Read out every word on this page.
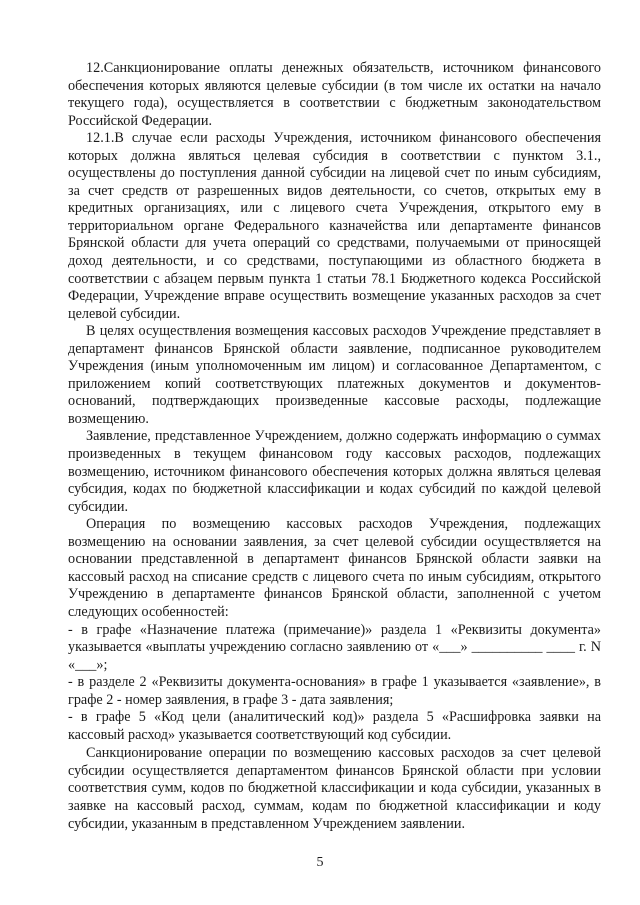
12.Санкционирование оплаты денежных обязательств, источником финансового обеспечения которых являются целевые субсидии (в том числе их остатки на начало текущего года), осуществляется в соответствии с бюджетным законодательством Российской Федерации.

12.1.В случае если расходы Учреждения, источником финансового обеспечения которых должна являться целевая субсидия в соответствии с пунктом 3.1., осуществлены до поступления данной субсидии на лицевой счет по иным субсидиям, за счет средств от разрешенных видов деятельности, со счетов, открытых ему в кредитных организациях, или с лицевого счета Учреждения, открытого ему в территориальном органе Федерального казначейства или департаменте финансов Брянской области для учета операций со средствами, получаемыми от приносящей доход деятельности, и со средствами, поступающими из областного бюджета в соответствии с абзацем первым пункта 1 статьи 78.1 Бюджетного кодекса Российской Федерации, Учреждение вправе осуществить возмещение указанных расходов за счет целевой субсидии.

В целях осуществления возмещения кассовых расходов Учреждение представляет в департамент финансов Брянской области заявление, подписанное руководителем Учреждения (иным уполномоченным им лицом) и согласованное Департаментом, с приложением копий соответствующих платежных документов и документов-оснований, подтверждающих произведенные кассовые расходы, подлежащие возмещению.

Заявление, представленное Учреждением, должно содержать информацию о суммах произведенных в текущем финансовом году кассовых расходов, подлежащих возмещению, источником финансового обеспечения которых должна являться целевая субсидия, кодах по бюджетной классификации и кодах субсидий по каждой целевой субсидии.

Операция по возмещению кассовых расходов Учреждения, подлежащих возмещению на основании заявления, за счет целевой субсидии осуществляется на основании представленной в департамент финансов Брянской области заявки на кассовый расход на списание средств с лицевого счета по иным субсидиям, открытого Учреждению в департаменте финансов Брянской области, заполненной с учетом следующих особенностей:

- в графе «Назначение платежа (примечание)» раздела 1 «Реквизиты документа» указывается «выплаты учреждению согласно заявлению от «___» __________ ____ г. N «___»;

- в разделе 2 «Реквизиты документа-основания» в графе 1 указывается «заявление», в графе 2 - номер заявления, в графе 3 - дата заявления;

- в графе 5 «Код цели (аналитический код)» раздела 5 «Расшифровка заявки на кассовый расход» указывается соответствующий код субсидии.

Санкционирование операции по возмещению кассовых расходов за счет целевой субсидии осуществляется департаментом финансов Брянской области при условии соответствия сумм, кодов по бюджетной классификации и кода субсидии, указанных в заявке на кассовый расход, суммам, кодам по бюджетной классификации и коду субсидии, указанным в представленном Учреждением заявлении.

5
